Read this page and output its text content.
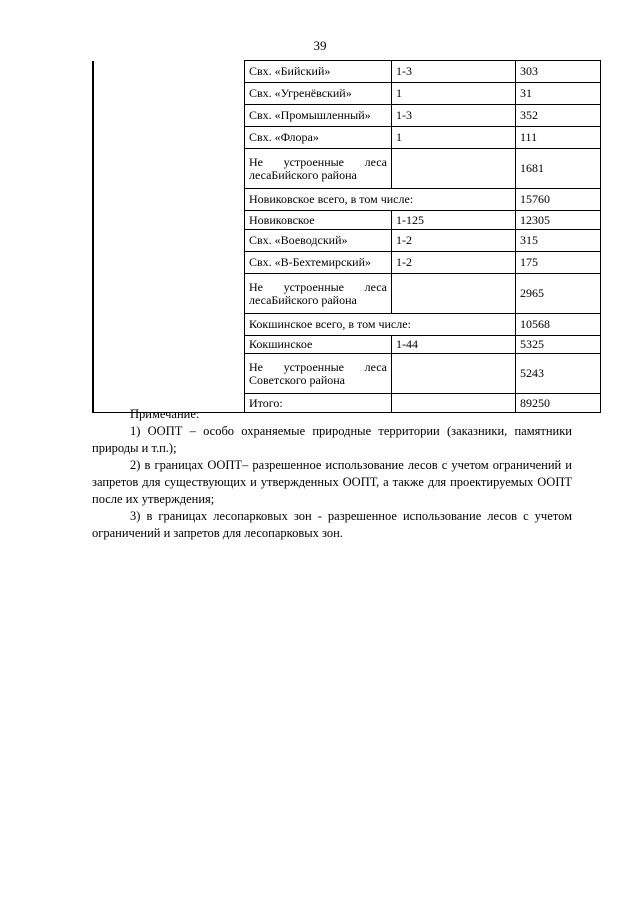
39
	Свх. «Бийский»	1-3	303
	Свх. «Угренёвский»	1	31
	Свх. «Промышленный»	1-3	352
	Свх. «Флора»	1	111

	Не устроенные леса
лесаБийского района		1681
	Новиковское всего, в том числе:		15760
	Новиковское	1-125	12305
	Свх. «Воеводский»	1-2	315
	Свх. «В-Бехтемирский»	1-2	175

	Не устроенные леса
лесаБийского района		2965
	Кокшинское всего, в том числе:		10568
	Кокшинское	1-44	5325

	Не устроенные леса
Советского района		5243
	Итого:		89250

Примечание:

1) ООПТ – особо охраняемые природные территории (заказники, памятники природы и т.п.);

2) в границах ООПТ– разрешенное использование лесов с учетом ограничений и запретов для существующих и утвержденных ООПТ, а также для проектируемых ООПТ после их утверждения;

3) в границах лесопарковых зон - разрешенное использование лесов с учетом ограничений и запретов для лесопарковых зон.
